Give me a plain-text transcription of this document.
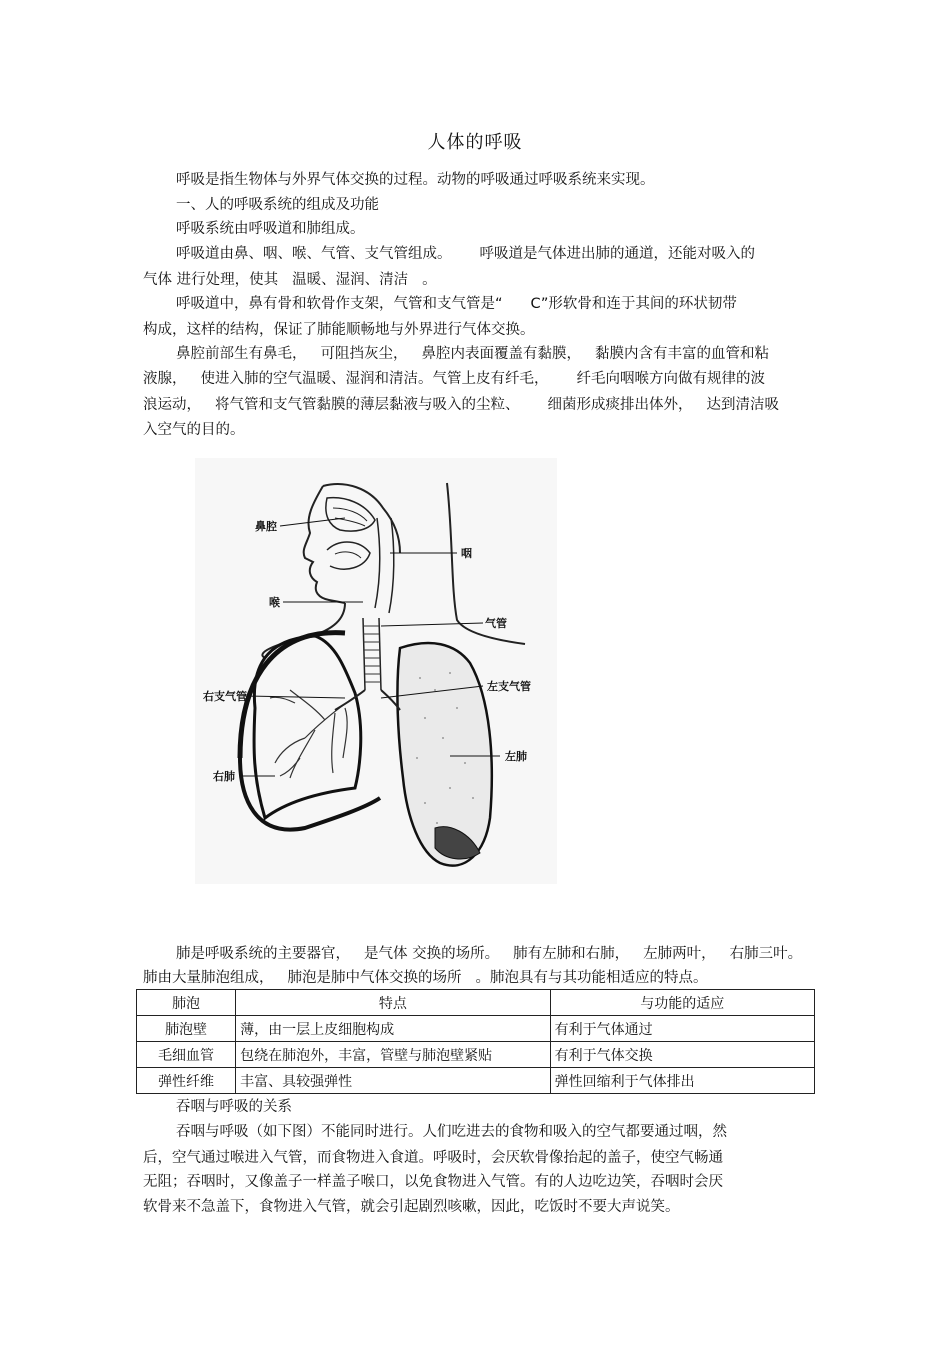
人体的呼吸
呼吸是指生物体与外界气体交换的过程。动物的呼吸通过呼吸系统来实现。
一、人的呼吸系统的组成及功能
呼吸系统由呼吸道和肺组成。
呼吸道由鼻、咽、喉、气管、支气管组成。 呼吸道是气体进出肺的通道，还能对吸入的
气体 进行处理，使其 温暖、湿润、清洁 。
呼吸道中，鼻有骨和软骨作支架，气管和支气管是“ C”形软骨和连于其间的环状韧带
构成，这样的结构，保证了肺能顺畅地与外界进行气体交换。
鼻腔前部生有鼻毛， 可阻挡灰尘， 鼻腔内表面覆盖有黏膜， 黏膜内含有丰富的血管和粘
液腺， 使进入肺的空气温暖、湿润和清洁。气管上皮有纤毛， 纤毛向咽喉方向做有规律的波
浪运动， 将气管和支气管黏膜的薄层黏液与吸入的尘粒、 细菌形成痰排出体外， 达到清洁吸
入空气的目的。
鼻腔
咽
喉
气管
右支气管
左支气管
右肺
左肺
肺是呼吸系统的主要器官， 是气体 交换的场所。 肺有左肺和右肺， 左肺两叶， 右肺三叶。
肺由大量肺泡组成， 肺泡是肺中气体交换的场所 。肺泡具有与其功能相适应的特点。
肺泡	特点	与功能的适应
肺泡壁	薄，由一层上皮细胞构成	有利于气体通过
毛细血管	包绕在肺泡外，丰富，管壁与肺泡壁紧贴	有利于气体交换
弹性纤维	丰富、具较强弹性	弹性回缩利于气体排出
吞咽与呼吸的关系
吞咽与呼吸（如下图）不能同时进行。人们吃进去的食物和吸入的空气都要通过咽，然
后，空气通过喉进入气管，而食物进入食道。呼吸时，会厌软骨像抬起的盖子，使空气畅通
无阻；吞咽时，又像盖子一样盖子喉口，以免食物进入气管。有的人边吃边笑，吞咽时会厌
软骨来不急盖下，食物进入气管，就会引起剧烈咳嗽，因此，吃饭时不要大声说笑。
